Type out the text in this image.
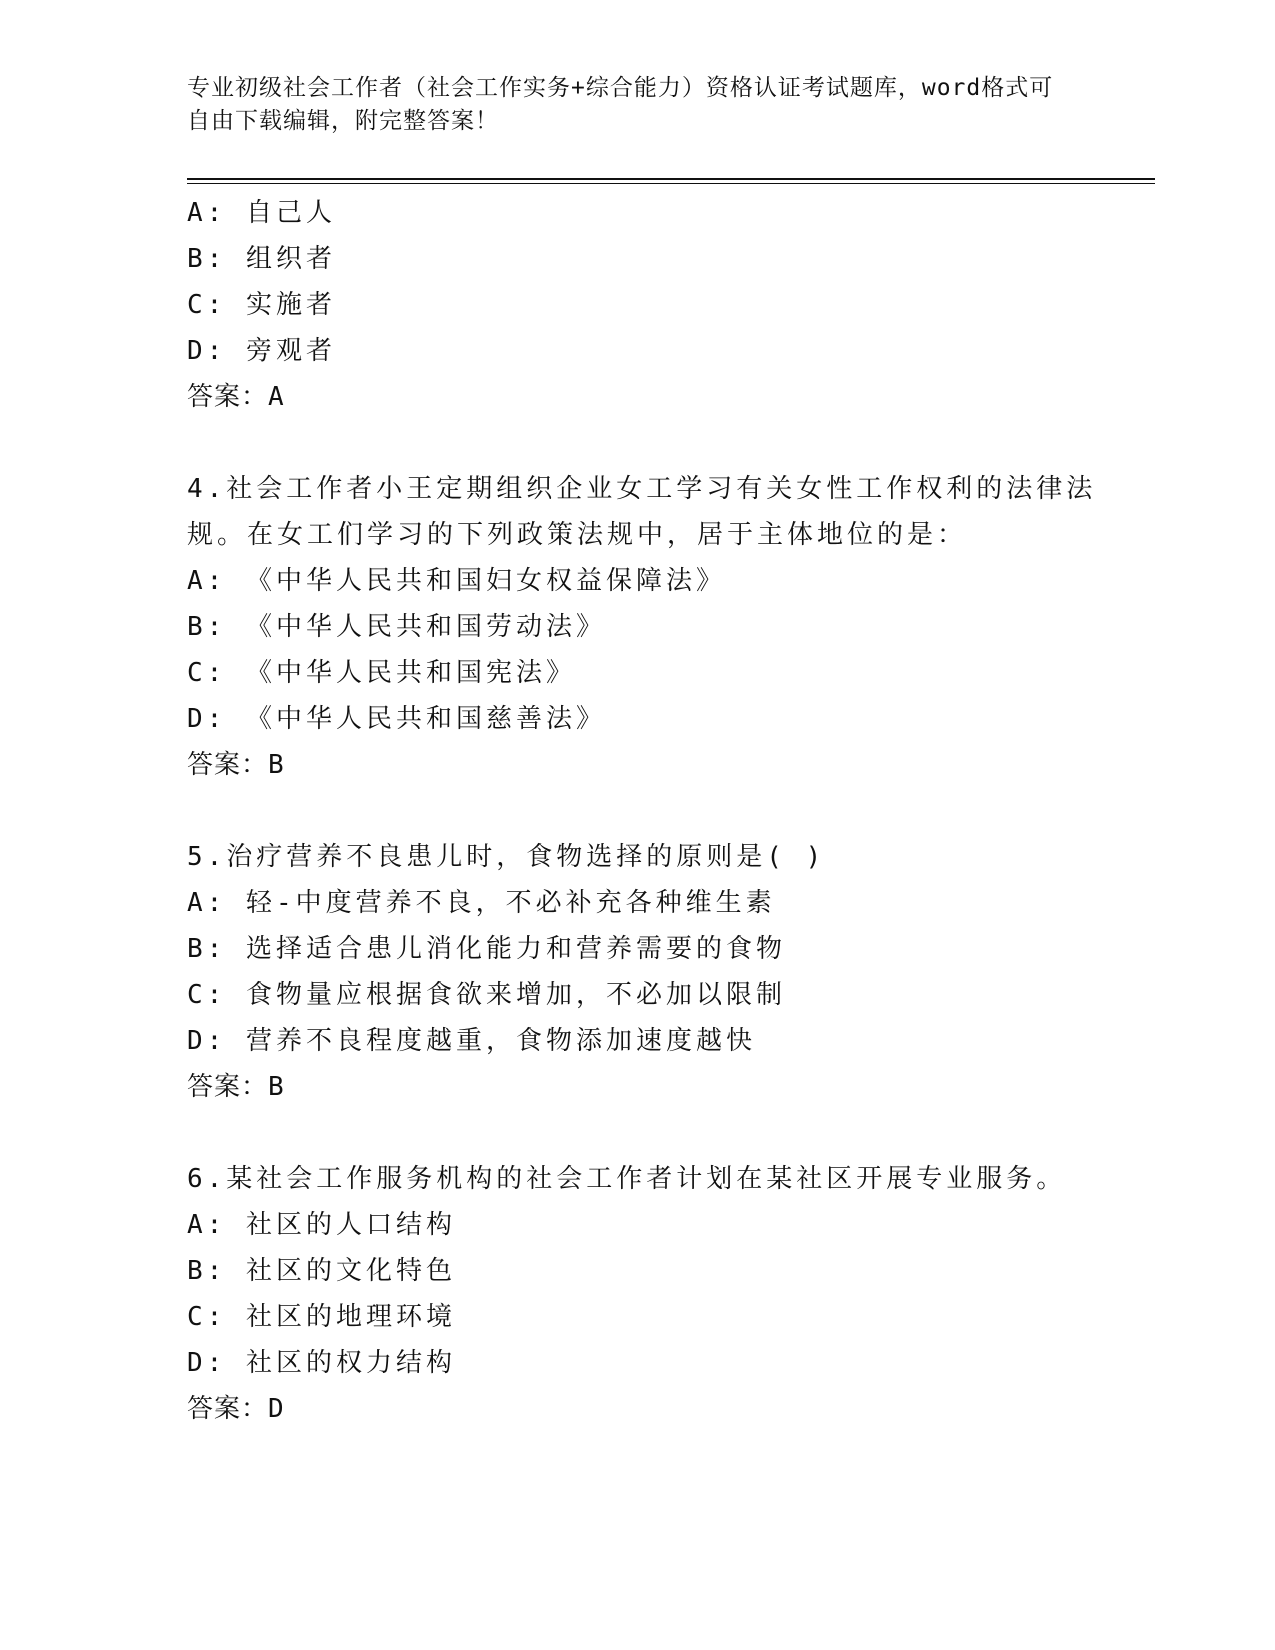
专业初级社会工作者（社会工作实务+综合能力）资格认证考试题库，word格式可
自由下载编辑，附完整答案！
A: 自己人
B: 组织者
C: 实施者
D: 旁观者
答案：A
4.社会工作者小王定期组织企业女工学习有关女性工作权利的法律法
规。在女工们学习的下列政策法规中，居于主体地位的是：
A: 《中华人民共和国妇女权益保障法》
B: 《中华人民共和国劳动法》
C: 《中华人民共和国宪法》
D: 《中华人民共和国慈善法》
答案：B
5.治疗营养不良患儿时，食物选择的原则是( )
A: 轻-中度营养不良，不必补充各种维生素
B: 选择适合患儿消化能力和营养需要的食物
C: 食物量应根据食欲来增加，不必加以限制
D: 营养不良程度越重，食物添加速度越快
答案：B
6.某社会工作服务机构的社会工作者计划在某社区开展专业服务。
A: 社区的人口结构
B: 社区的文化特色
C: 社区的地理环境
D: 社区的权力结构
答案：D
